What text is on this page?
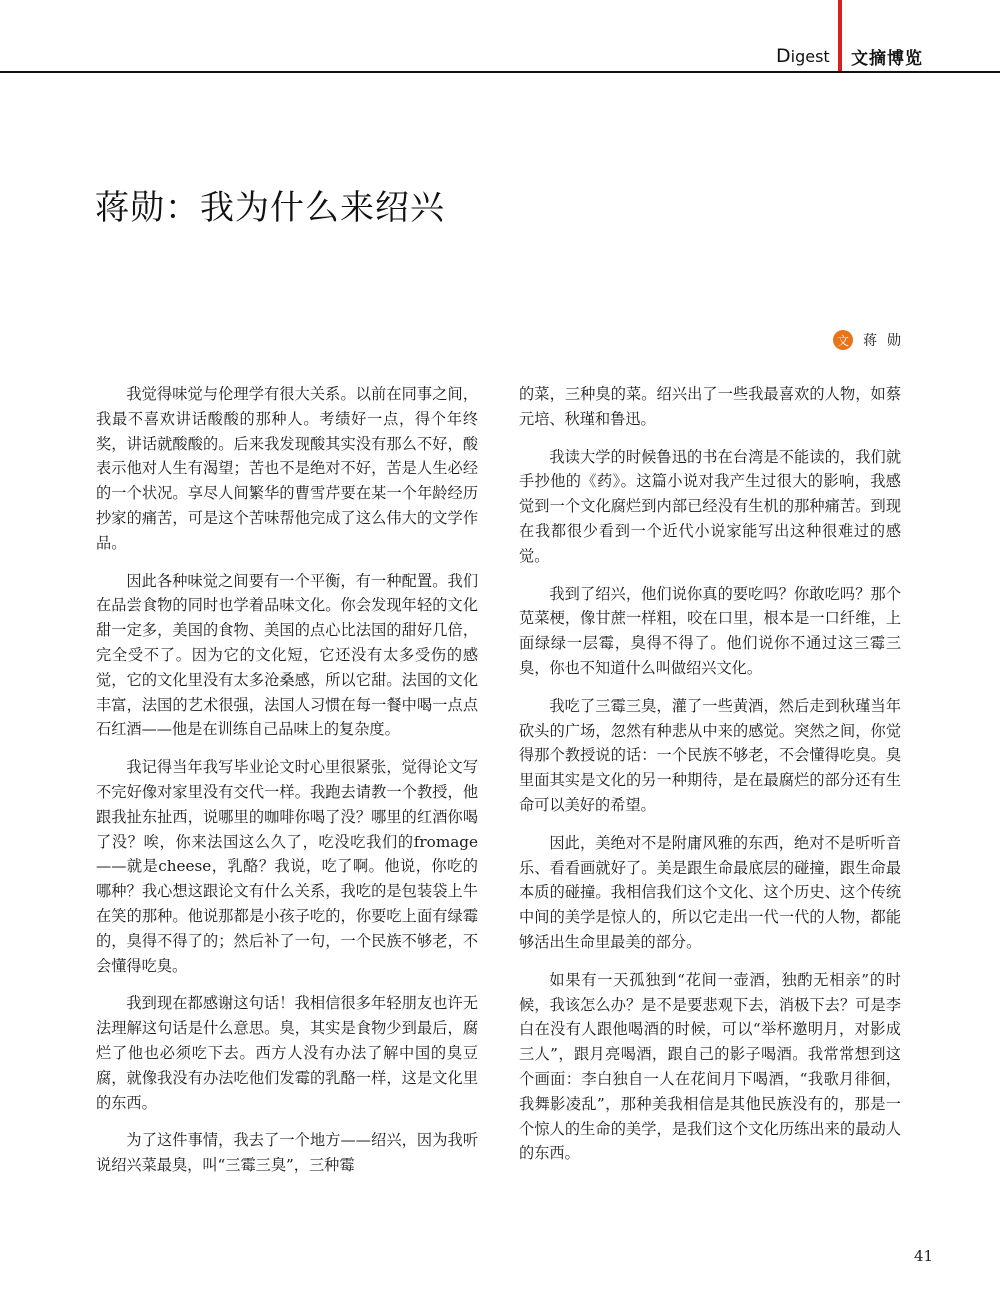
Digest 文摘博览
蒋勋：我为什么来绍兴
文 蒋勋

我觉得味觉与伦理学有很大关系。以前在同事之间，我最不喜欢讲话酸酸的那种人。考绩好一点，得个年终奖，讲话就酸酸的。后来我发现酸其实没有那么不好，酸表示他对人生有渴望；苦也不是绝对不好，苦是人生必经的一个状况。享尽人间繁华的曹雪芹要在某一个年龄经历抄家的痛苦，可是这个苦味帮他完成了这么伟大的文学作品。

因此各种味觉之间要有一个平衡，有一种配置。我们在品尝食物的同时也学着品味文化。你会发现年轻的文化甜一定多，美国的食物、美国的点心比法国的甜好几倍，完全受不了。因为它的文化短，它还没有太多受伤的感觉，它的文化里没有太多沧桑感，所以它甜。法国的文化丰富，法国的艺术很强，法国人习惯在每一餐中喝一点点石红酒——他是在训练自己品味上的复杂度。

我记得当年我写毕业论文时心里很紧张，觉得论文写不完好像对家里没有交代一样。我跑去请教一个教授，他跟我扯东扯西，说哪里的咖啡你喝了没？哪里的红酒你喝了没？唉，你来法国这么久了，吃没吃我们的fromage——就是cheese，乳酪？我说，吃了啊。他说，你吃的哪种？我心想这跟论文有什么关系，我吃的是包装袋上牛在笑的那种。他说那都是小孩子吃的，你要吃上面有绿霉的，臭得不得了的；然后补了一句，一个民族不够老，不会懂得吃臭。

我到现在都感谢这句话！我相信很多年轻朋友也许无法理解这句话是什么意思。臭，其实是食物少到最后，腐烂了他也必须吃下去。西方人没有办法了解中国的臭豆腐，就像我没有办法吃他们发霉的乳酪一样，这是文化里的东西。

为了这件事情，我去了一个地方——绍兴，因为我听说绍兴菜最臭，叫“三霉三臭”，三种霉

的菜，三种臭的菜。绍兴出了一些我最喜欢的人物，如蔡元培、秋瑾和鲁迅。

我读大学的时候鲁迅的书在台湾是不能读的，我们就手抄他的《药》。这篇小说对我产生过很大的影响，我感觉到一个文化腐烂到内部已经没有生机的那种痛苦。到现在我都很少看到一个近代小说家能写出这种很难过的感觉。

我到了绍兴，他们说你真的要吃吗？你敢吃吗？那个苋菜梗，像甘蔗一样粗，咬在口里，根本是一口纤维，上面绿绿一层霉，臭得不得了。他们说你不通过这三霉三臭，你也不知道什么叫做绍兴文化。

我吃了三霉三臭，灌了一些黄酒，然后走到秋瑾当年砍头的广场，忽然有种悲从中来的感觉。突然之间，你觉得那个教授说的话：一个民族不够老，不会懂得吃臭。臭里面其实是文化的另一种期待，是在最腐烂的部分还有生命可以美好的希望。

因此，美绝对不是附庸风雅的东西，绝对不是听听音乐、看看画就好了。美是跟生命最底层的碰撞，跟生命最本质的碰撞。我相信我们这个文化、这个历史、这个传统中间的美学是惊人的，所以它走出一代一代的人物，都能够活出生命里最美的部分。

如果有一天孤独到“花间一壶酒，独酌无相亲”的时候，我该怎么办？是不是要悲观下去，消极下去？可是李白在没有人跟他喝酒的时候，可以“举杯邀明月，对影成三人”，跟月亮喝酒，跟自己的影子喝酒。我常常想到这个画面：李白独自一人在花间月下喝酒，“我歌月徘徊，我舞影凌乱”，那种美我相信是其他民族没有的，那是一个惊人的生命的美学，是我们这个文化历练出来的最动人的东西。

41
